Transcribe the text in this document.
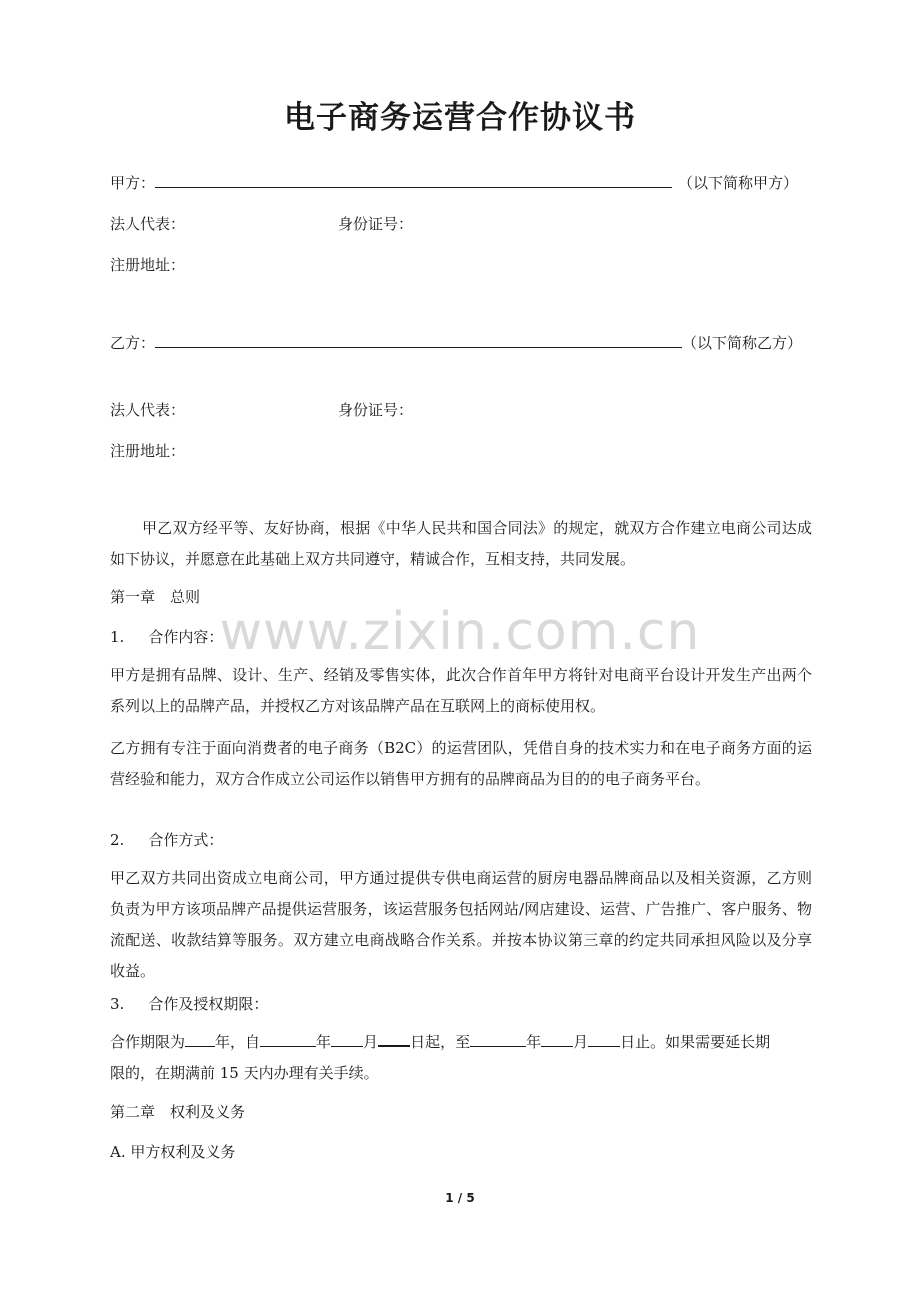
电子商务运营合作协议书
甲方：	（以下简称甲方）
法人代表：	身份证号：
注册地址：
乙方：	（以下简称乙方）
法人代表：	身份证号：
注册地址：
甲乙双方经平等、友好协商，根据《中华人民共和国合同法》的规定，就双方合作建立电商公司达成如下协议，并愿意在此基础上双方共同遵守，精诚合作，互相支持，共同发展。
第一章　总则
1. 合作内容：
甲方是拥有品牌、设计、生产、经销及零售实体，此次合作首年甲方将针对电商平台设计开发生产出两个系列以上的品牌产品，并授权乙方对该品牌产品在互联网上的商标使用权。
乙方拥有专注于面向消费者的电子商务（B2C）的运营团队，凭借自身的技术实力和在电子商务方面的运营经验和能力，双方合作成立公司运作以销售甲方拥有的品牌商品为目的的电子商务平台。
2. 合作方式：
甲乙双方共同出资成立电商公司，甲方通过提供专供电商运营的厨房电器品牌商品以及相关资源，乙方则负责为甲方该项品牌产品提供运营服务，该运营服务包括网站/网店建设、运营、广告推广、客户服务、物流配送、收款结算等服务。双方建立电商战略合作关系。并按本协议第三章的约定共同承担风险以及分享收益。
3. 合作及授权期限：
合作期限为 年，自	年 月 日起，至	年 月 日止。如果需要延长期
限的，在期满前 15 天内办理有关手续。
第二章　权利及义务
A. 甲方权利及义务
www.zixin.com.cn
1 / 5
